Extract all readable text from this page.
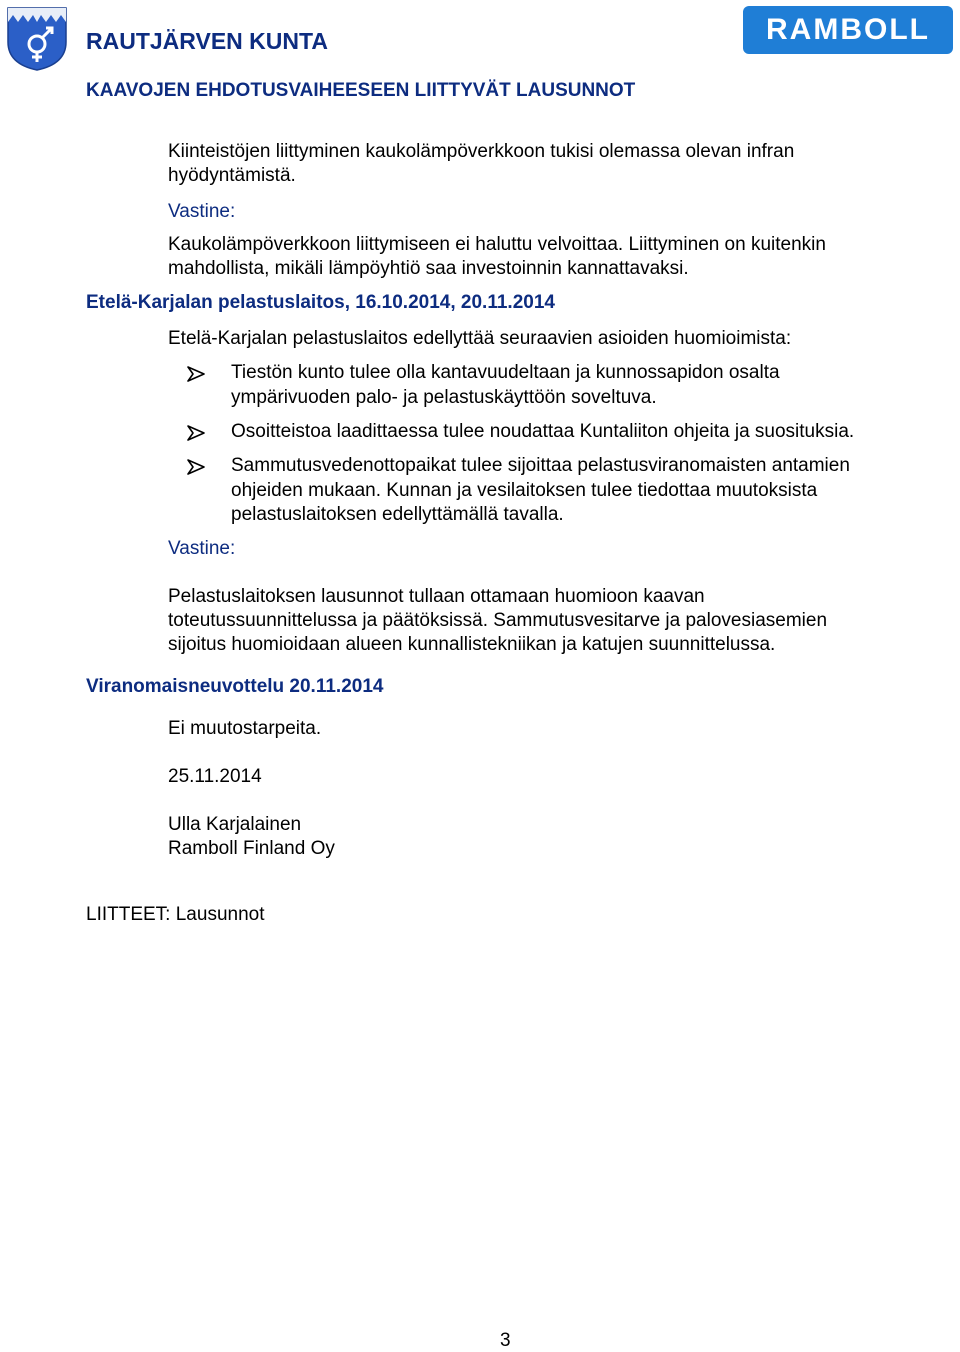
RAMBOLL
RAUTJÄRVEN KUNTA
KAAVOJEN EHDOTUSVAIHEESEEN LIITTYVÄT LAUSUNNOT
Kiinteistöjen liittyminen kaukolämpöverkkoon tukisi olemassa olevan infran
hyödyntämistä.
Vastine:
Kaukolämpöverkkoon liittymiseen ei haluttu velvoittaa. Liittyminen on kuitenkin
mahdollista, mikäli lämpöyhtiö saa investoinnin kannattavaksi.
Etelä-Karjalan pelastuslaitos, 16.10.2014, 20.11.2014
Etelä-Karjalan pelastuslaitos edellyttää seuraavien asioiden huomioimista:
Tiestön kunto tulee olla kantavuudeltaan ja kunnossapidon osalta
ympärivuoden palo- ja pelastuskäyttöön soveltuva.
Osoitteistoa laadittaessa tulee noudattaa Kuntaliiton ohjeita ja suosituksia.
Sammutusvedenottopaikat tulee sijoittaa pelastusviranomaisten antamien
ohjeiden mukaan. Kunnan ja vesilaitoksen tulee tiedottaa muutoksista
pelastuslaitoksen edellyttämällä tavalla.
Vastine:
Pelastuslaitoksen lausunnot tullaan ottamaan huomioon kaavan
toteutussuunnittelussa ja päätöksissä. Sammutusvesitarve ja palovesiasemien
sijoitus huomioidaan alueen kunnallistekniikan ja katujen suunnittelussa.
Viranomaisneuvottelu 20.11.2014
Ei muutostarpeita.
25.11.2014
Ulla Karjalainen
Ramboll Finland Oy
LIITTEET: Lausunnot
3
